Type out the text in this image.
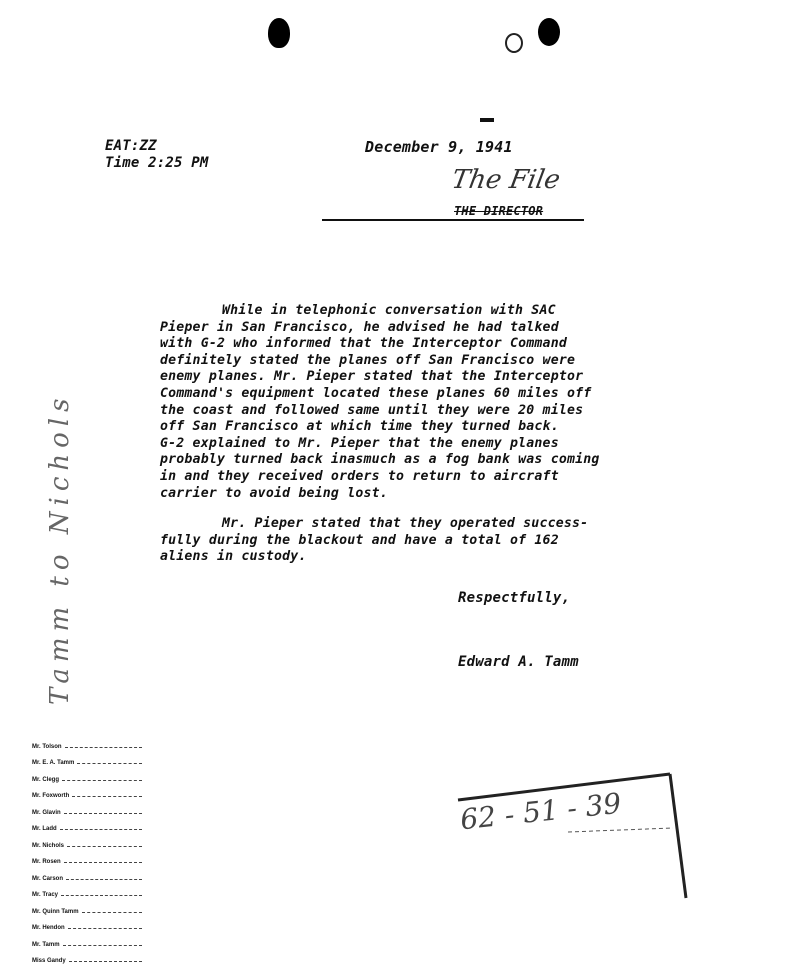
EAT:ZZ
Time 2:25 PM
December 9, 1941
The File
THE DIRECTOR

While in telephonic conversation with SAC
Pieper in San Francisco, he advised he had talked
with G-2 who informed that the Interceptor Command
definitely stated the planes off San Francisco were
enemy planes. Mr. Pieper stated that the Interceptor
Command's equipment located these planes 60 miles off
the coast and followed same until they were 20 miles
off San Francisco at which time they turned back.
G-2 explained to Mr. Pieper that the enemy planes
probably turned back inasmuch as a fog bank was coming
in and they received orders to return to aircraft
carrier to avoid being lost.

Mr. Pieper stated that they operated success-
fully during the blackout and have a total of 162
aliens in custody.

Respectfully,
Edward A. Tamm
Tamm to Nichols
Mr. Tolson
Mr. E. A. Tamm
Mr. Clegg
Mr. Foxworth
Mr. Glavin
Mr. Ladd
Mr. Nichols
Mr. Rosen
Mr. Carson
Mr. Tracy
Mr. Quinn Tamm
Mr. Hendon
Mr. Tamm
Miss Gandy
62 - 51 - 39
